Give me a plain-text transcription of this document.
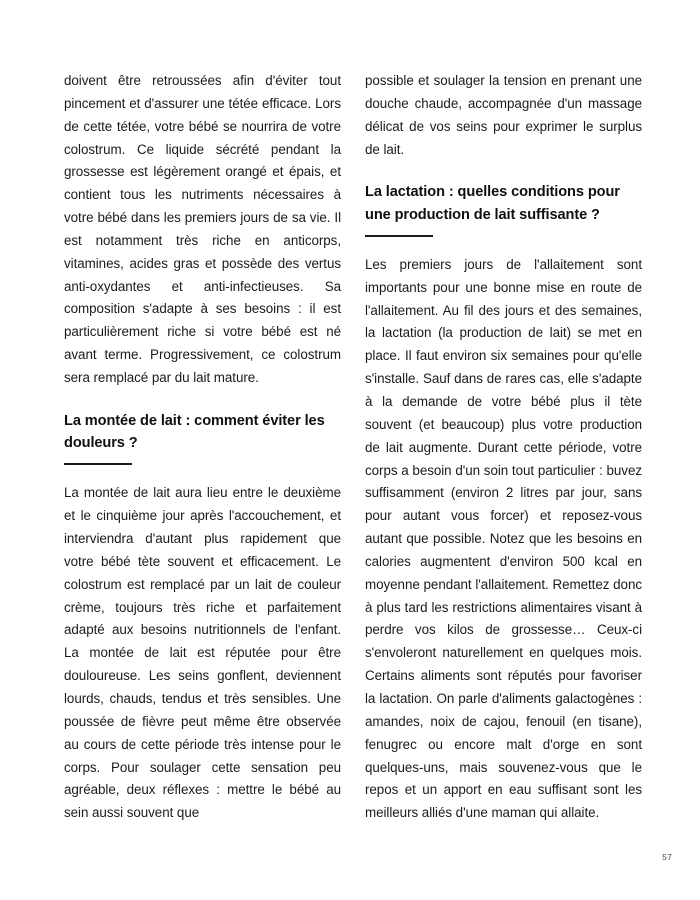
doivent être retroussées afin d'éviter tout pincement et d'assurer une tétée efficace. Lors de cette tétée, votre bébé se nourrira de votre colostrum. Ce liquide sécrété pendant la grossesse est légèrement orangé et épais, et contient tous les nutriments nécessaires à votre bébé dans les premiers jours de sa vie. Il est notamment très riche en anticorps, vitamines, acides gras et possède des vertus anti-oxydantes et anti-infectieuses. Sa composition s'adapte à ses besoins : il est particulièrement riche si votre bébé est né avant terme. Progressivement, ce colostrum sera remplacé par du lait mature.

La montée de lait : comment éviter les douleurs ?

La montée de lait aura lieu entre le deuxième et le cinquième jour après l'accouchement, et interviendra d'autant plus rapidement que votre bébé tète souvent et efficacement. Le colostrum est remplacé par un lait de couleur crème, toujours très riche et parfaitement adapté aux besoins nutritionnels de l'enfant. La montée de lait est réputée pour être douloureuse. Les seins gonflent, deviennent lourds, chauds, tendus et très sensibles. Une poussée de fièvre peut même être observée au cours de cette période très intense pour le corps. Pour soulager cette sensation peu agréable, deux réflexes : mettre le bébé au sein aussi souvent que

possible et soulager la tension en prenant une douche chaude, accompagnée d'un massage délicat de vos seins pour exprimer le surplus de lait.

La lactation : quelles conditions pour une production de lait suffisante ?

Les premiers jours de l'allaitement sont importants pour une bonne mise en route de l'allaitement. Au fil des jours et des semaines, la lactation (la production de lait) se met en place. Il faut environ six semaines pour qu'elle s'installe. Sauf dans de rares cas, elle s'adapte à la demande de votre bébé plus il tète souvent (et beaucoup) plus votre production de lait augmente. Durant cette période, votre corps a besoin d'un soin tout particulier : buvez suffisamment (environ 2 litres par jour, sans pour autant vous forcer) et reposez-vous autant que possible. Notez que les besoins en calories augmentent d'environ 500 kcal en moyenne pendant l'allaitement. Remettez donc à plus tard les restrictions alimentaires visant à perdre vos kilos de grossesse… Ceux-ci s'envoleront naturellement en quelques mois. Certains aliments sont réputés pour favoriser la lactation. On parle d'aliments galactogènes : amandes, noix de cajou, fenouil (en tisane), fenugrec ou encore malt d'orge en sont quelques-uns, mais souvenez-vous que le repos et un apport en eau suffisant sont les meilleurs alliés d'une maman qui allaite.

57
